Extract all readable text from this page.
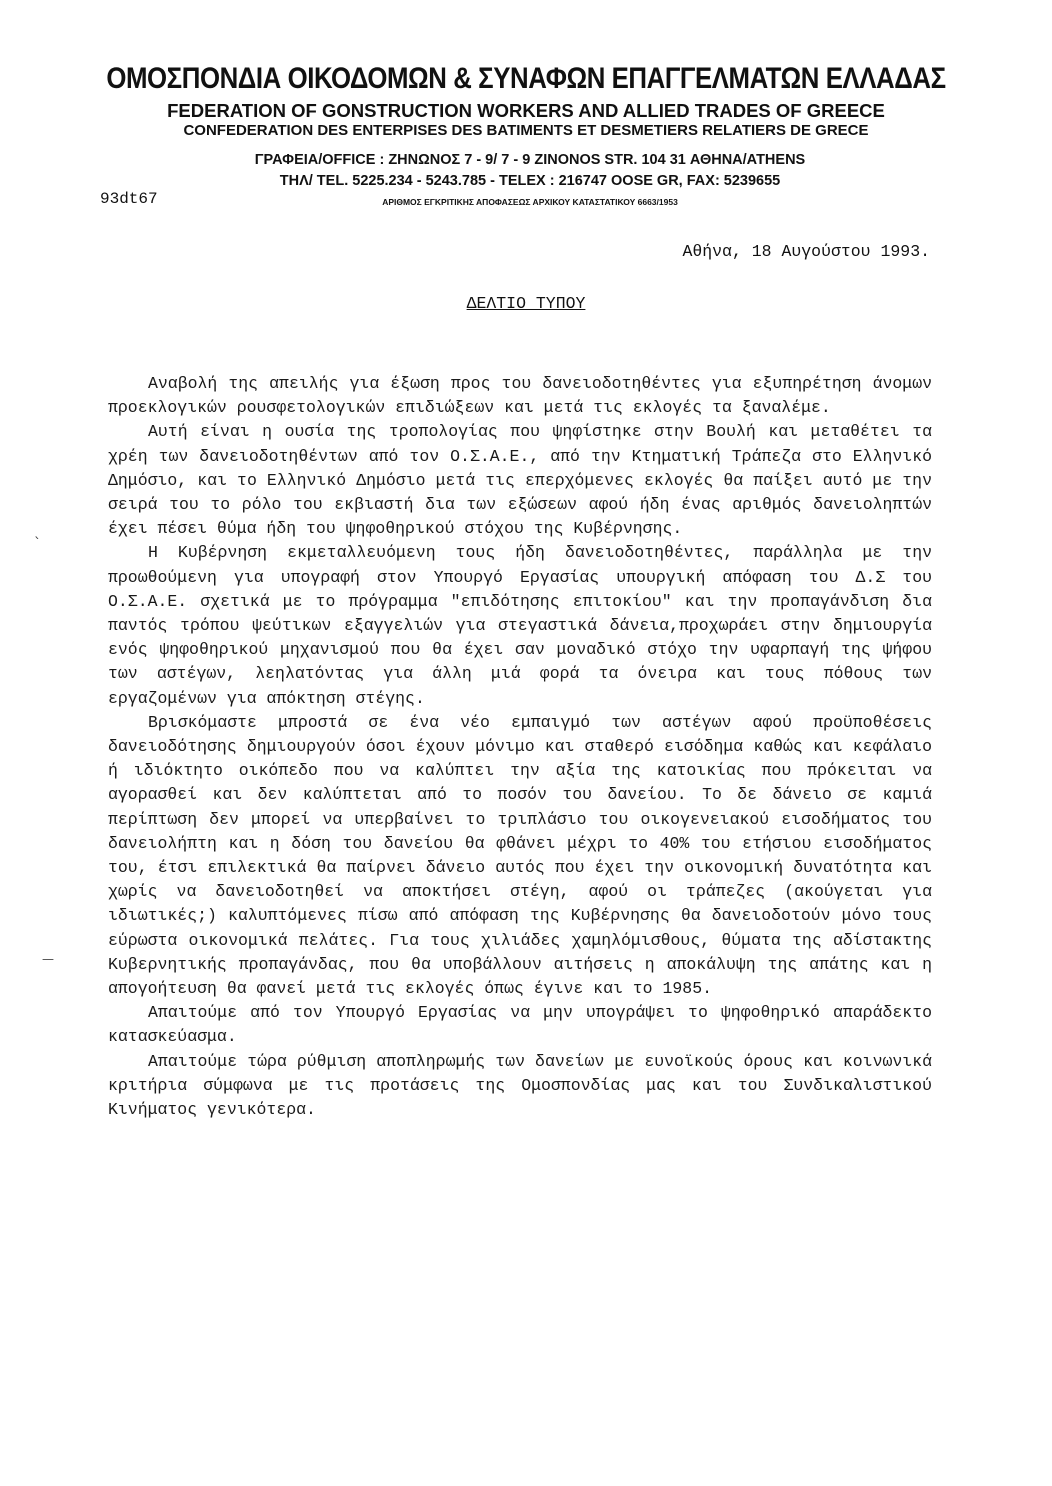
ΟΜΟΣΠΟΝΔΙΑ ΟΙΚΟΔΟΜΩΝ & ΣΥΝΑΦΩΝ ΕΠΑΓΓΕΛΜΑΤΩΝ ΕΛΛΑΔΑΣ
FEDERATION OF GONSTRUCTION WORKERS AND ALLIED TRADES OF GREECE
CONFEDERATION DES ENTERPISES DES BATIMENTS ET DESMETIERS RELATIERS DE GRECE
ΓΡΑΦΕΙΑ/OFFICE : ΖΗΝΩΝΟΣ 7 - 9/ 7 - 9 ZINONOS STR. 104 31 ΑΘΗΝΑ/ATHENS
ΤΗΛ/ TEL. 5225.234 - 5243.785 - TELEX : 216747 OOSE GR, FAX: 5239655
ΑΡΙΘΜΟΣ ΕΓΚΡΙΤΙΚΗΣ ΑΠΟΦΑΣΕΩΣ ΑΡΧΙΚΟΥ ΚΑΤΑΣΤΑΤΙΚΟΥ 6663/1953
93dt67
Αθήνα, 18 Αυγούστου 1993.
ΔΕΛΤΙΟ ΤΥΠΟΥ

Αναβολή της απειλής για έξωση προς του δανειοδοτηθέντες για εξυπηρέτηση άνομων προεκλογικών ρουσφετολογικών επιδιώξεων και μετά τις εκλογές τα ξαναλέμε.

Αυτή είναι η ουσία της τροπολογίας που ψηφίστηκε στην Βουλή και μεταθέτει τα χρέη των δανειοδοτηθέντων από τον Ο.Σ.Α.Ε., από την Κτηματική Τράπεζα στο Ελληνικό Δημόσιο, και το Ελληνικό Δημόσιο μετά τις επερχόμενες εκλογές θα παίξει αυτό με την σειρά του το ρόλο του εκβιαστή δια των εξώσεων αφού ήδη ένας αριθμός δανειοληπτών έχει πέσει θύμα ήδη του ψηφοθηρικού στόχου της Κυβέρνησης.

Η Κυβέρνηση εκμεταλλευόμενη τους ήδη δανειοδοτηθέντες, παράλληλα με την προωθούμενη για υπογραφή στον Υπουργό Εργασίας υπουργική απόφαση του Δ.Σ του Ο.Σ.Α.Ε. σχετικά με το πρόγραμμα "επιδότησης επιτοκίου" και την προπαγάνδιση δια παντός τρόπου ψεύτικων εξαγγελιών για στεγαστικά δάνεια,προχωράει στην δημιουργία ενός ψηφοθηρικού μηχανισμού που θα έχει σαν μοναδικό στόχο την υφαρπαγή της ψήφου των αστέγων, λεηλατόντας για άλλη μιά φορά τα όνειρα και τους πόθους των εργαζομένων για απόκτηση στέγης.

Βρισκόμαστε μπροστά σε ένα νέο εμπαιγμό των αστέγων αφού προϋποθέσεις δανειοδότησης δημιουργούν όσοι έχουν μόνιμο και σταθερό εισόδημα καθώς και κεφάλαιο ή ιδιόκτητο οικόπεδο που να καλύπτει την αξία της κατοικίας που πρόκειται να αγορασθεί και δεν καλύπτεται από το ποσόν του δανείου. Το δε δάνειο σε καμιά περίπτωση δεν μπορεί να υπερβαίνει το τριπλάσιο του οικογενειακού εισοδήματος του δανειολήπτη και η δόση του δανείου θα φθάνει μέχρι το 40% του ετήσιου εισοδήματος του, έτσι επιλεκτικά θα παίρνει δάνειο αυτός που έχει την οικονομική δυνατότητα και χωρίς να δανειοδοτηθεί να αποκτήσει στέγη, αφού οι τράπεζες (ακούγεται για ιδιωτικές;) καλυπτόμενες πίσω από απόφαση της Κυβέρνησης θα δανειοδοτούν μόνο τους εύρωστα οικονομικά πελάτες. Για τους χιλιάδες χαμηλόμισθους, θύματα της αδίστακτης Κυβερνητικής προπαγάνδας, που θα υποβάλλουν αιτήσεις η αποκάλυψη της απάτης και η απογοήτευση θα φανεί μετά τις εκλογές όπως έγινε και το 1985.

Απαιτούμε από τον Υπουργό Εργασίας να μην υπογράψει το ψηφοθηρικό απαράδεκτο κατασκεύασμα.

Απαιτούμε τώρα ρύθμιση αποπληρωμής των δανείων με ευνοϊκούς όρους και κοινωνικά κριτήρια σύμφωνα με τις προτάσεις της Ομοσπονδίας μας και του Συνδικαλιστικού Κινήματος γενικότερα.

ˋ
—
